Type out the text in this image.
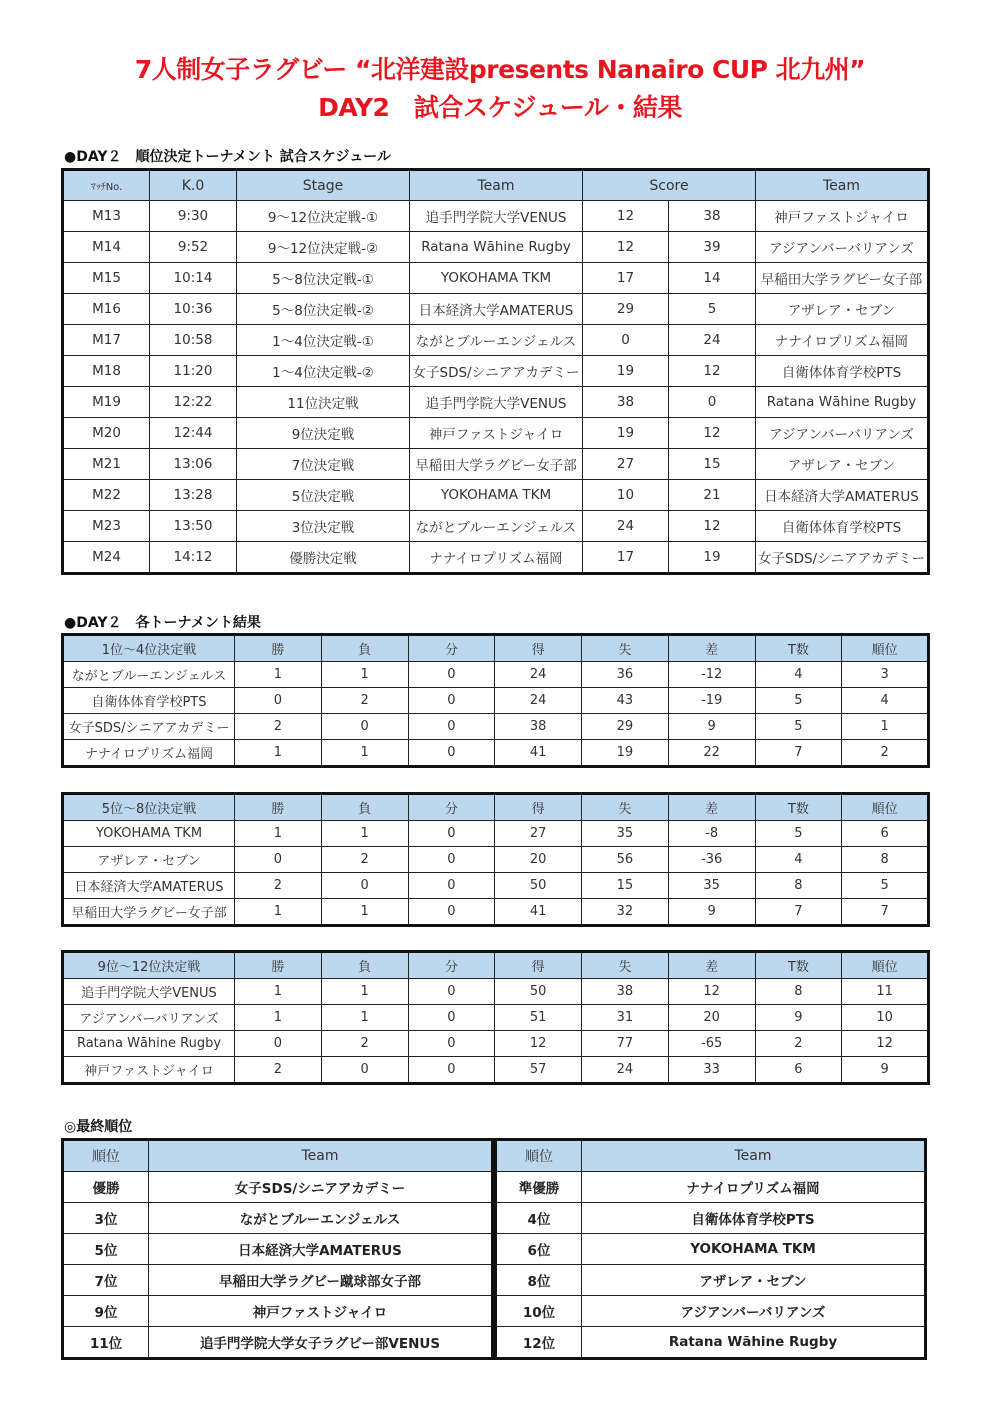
7人制女子ラグビー “北洋建設presents Nanairo CUP 北九州”
DAY2　試合スケジュール・結果
●DAY２　順位決定トーナメント 試合スケジュール
ﾏｯﾁNo.	K.0	Stage	Team	Score		Team
M13	9:30	9〜12位決定戦-①	追手門学院大学VENUS	12	38	神戸ファストジャイロ
M14	9:52	9〜12位決定戦-②	Ratana Wāhine Rugby	12	39	アジアンバーバリアンズ
M15	10:14	5〜8位決定戦-①	YOKOHAMA TKM	17	14	早稲田大学ラグビー女子部
M16	10:36	5〜8位決定戦-②	日本経済大学AMATERUS	29	5	アザレア・セブン
M17	10:58	1〜4位決定戦-①	ながとブルーエンジェルス	0	24	ナナイロプリズム福岡
M18	11:20	1〜4位決定戦-②	女子SDS/シニアアカデミー	19	12	自衛体体育学校PTS
M19	12:22	11位決定戦	追手門学院大学VENUS	38	0	Ratana Wāhine Rugby
M20	12:44	9位決定戦	神戸ファストジャイロ	19	12	アジアンバーバリアンズ
M21	13:06	7位決定戦	早稲田大学ラグビー女子部	27	15	アザレア・セブン
M22	13:28	5位決定戦	YOKOHAMA TKM	10	21	日本経済大学AMATERUS
M23	13:50	3位決定戦	ながとブルーエンジェルス	24	12	自衛体体育学校PTS
M24	14:12	優勝決定戦	ナナイロプリズム福岡	17	19	女子SDS/シニアアカデミー
●DAY２　各トーナメント結果
1位〜4位決定戦	勝	負	分	得	失	差	T数	順位
ながとブルーエンジェルス	1	1	0	24	36	-12	4	3
自衛体体育学校PTS	0	2	0	24	43	-19	5	4
女子SDS/シニアアカデミー	2	0	0	38	29	9	5	1
ナナイロプリズム福岡	1	1	0	41	19	22	7	2
5位〜8位決定戦	勝	負	分	得	失	差	T数	順位
YOKOHAMA TKM	1	1	0	27	35	-8	5	6
アザレア・セブン	0	2	0	20	56	-36	4	8
日本経済大学AMATERUS	2	0	0	50	15	35	8	5
早稲田大学ラグビー女子部	1	1	0	41	32	9	7	7
9位〜12位決定戦	勝	負	分	得	失	差	T数	順位
追手門学院大学VENUS	1	1	0	50	38	12	8	11
アジアンバーバリアンズ	1	1	0	51	31	20	9	10
Ratana Wāhine Rugby	0	2	0	12	77	-65	2	12
神戸ファストジャイロ	2	0	0	57	24	33	6	9
◎最終順位
順位	Team
優勝	女子SDS/シニアアカデミー
3位	ながとブルーエンジェルス
5位	日本経済大学AMATERUS
7位	早稲田大学ラグビー蹴球部女子部
9位	神戸ファストジャイロ
11位	追手門学院大学女子ラグビー部VENUS
順位	Team
準優勝	ナナイロプリズム福岡
4位	自衛体体育学校PTS
6位	YOKOHAMA TKM
8位	アザレア・セブン
10位	アジアンバーバリアンズ
12位	Ratana Wāhine Rugby
